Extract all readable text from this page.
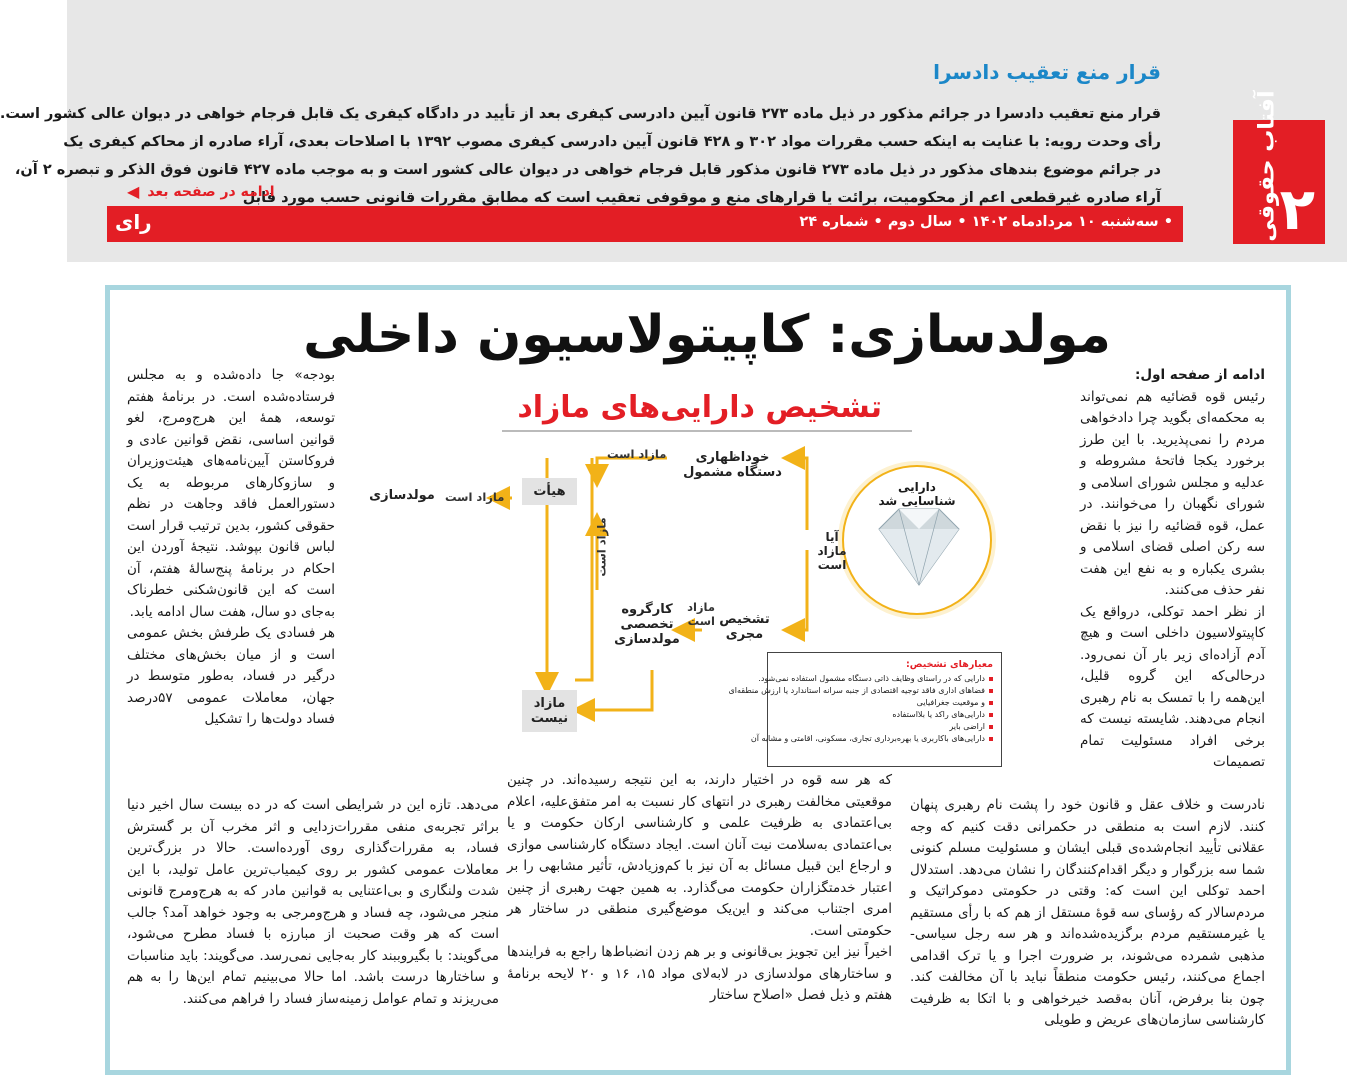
آفتاب حقوقی ۲
قرار منع تعقیب دادسرا

قرار منع تعقیب دادسرا در جرائم مذکور در ذیل ماده ۲۷۳ قانون آیین دادرسی کیفری بعد از تأیید در دادگاه کیفری یک قابل فرجام خواهی در دیوان عالی کشور است.

رأی وحدت رویه: با عنایت به اینکه حسب مقررات مواد ۳۰۲ و ۴۲۸ قانون آیین دادرسی کیفری مصوب ۱۳۹۲ با اصلاحات بعدی، آراء صادره از محاکم کیفری یک

در جرائم موضوع بندهای مذکور در ذیل ماده ۲۷۳ قانون مذکور قابل فرجام خواهی در دیوان عالی کشور است و به موجب ماده ۴۲۷ قانون فوق الذکر و تبصره ۲ آن،

آراء صادره غیرقطعی اعم از محکومیت، برائت یا قرارهای منع و موقوفی تعقیب است که مطابق مقررات قانونی حسب مورد قابل

ادامه در صفحه بعد
◀
• سه‌شنبه ۱۰ مردادماه ۱۴۰۲ • سال دوم • شماره ۲۴
رای
مولدسازی: کاپیتولاسیون داخلی

ادامه از صفحه اول:

رئیس قوه قضائیه هم نمی‌تواند به محکمه‌ای بگوید چرا دادخواهی مردم را نمی‌پذیرید. با این طرز برخورد یکجا فاتحهٔ مشروطه و عدلیه و مجلس شورای اسلامی و شورای نگهبان را می‌خوانند. در عمل، قوه قضائیه را نیز با نقض سه رکن اصلی قضای اسلامی و بشری یکباره و به نفع این هفت نفر حذف می‌کنند.

از نظر احمد توکلی، درواقع یک کاپیتولاسیون داخلی است و هیچ آدم آزاده‌ای زیر بار آن نمی‌رود. درحالی‌که این گروه قلیل، این‌همه را با تمسک به نام رهبری انجام می‌دهند. شایسته نیست که برخی افراد مسئولیت تمام تصمیمات

بودجه» جا داده‌شده و به مجلس فرستاده‌شده است. در برنامهٔ هفتم توسعه، همهٔ این هرج‌ومرج، لغو قوانین اساسی، نقض قوانین عادی و فروکاستن آیین‌نامه‌های هیئت‌وزیران و سازوکارهای مربوطه به یک دستورالعمل فاقد وجاهت در نظم حقوقی کشور، بدین ترتیب قرار است لباس قانون بپوشد. نتیجهٔ آوردن این احکام در برنامهٔ پنج‌سالهٔ هفتم، آن است که این قانون‌شکنی خطرناک به‌جای دو سال، هفت سال ادامه یابد.

هر فسادی یک طرفش بخش عمومی است و از میان بخش‌های مختلف درگیر در فساد، به‌طور متوسط در جهان، معاملات عمومی ۵۷درصد فساد دولت‌ها را تشکیل

نادرست و خلاف عقل و قانون خود را پشت نام رهبری پنهان کنند. لازم است به منطقی در حکمرانی دقت کنیم که وجه عقلانی تأیید انجام‌شده‌ی قبلی ایشان و مسئولیت مسلم کنونی شما سه بزرگوار و دیگر اقدام‌کنندگان را نشان می‌دهد. استدلال احمد توکلی این است که: وقتی در حکومتی دموکراتیک و مردم‌سالار که رؤسای سه قوهٔ مستقل از هم که با رأی مستقیم یا غیرمستقیم مردم برگزیده‌شده‌اند و هر سه رجل سیاسی-مذهبی شمرده می‌شوند، بر ضرورت اجرا و یا ترک اقدامی اجماع می‌کنند، رئیس حکومت منطقاً نباید با آن مخالفت کند. چون بنا برفرض، آنان به‌قصد خیرخواهی و با اتکا به ظرفیت کارشناسی سازمان‌های عریض و طویلی

که هر سه قوه در اختیار دارند، به این نتیجه رسیده‌اند. در چنین موقعیتی مخالفت رهبری در انتهای کار نسبت به امر متفق‌علیه، اعلام بی‌اعتمادی به ظرفیت علمی و کارشناسی ارکان حکومت و یا بی‌اعتمادی به‌سلامت نیت آنان است. ایجاد دستگاه کارشناسی موازی و ارجاع این قبیل مسائل به آن نیز با کم‌وزیادش، تأثیر مشابهی را بر اعتبار خدمتگزاران حکومت می‌گذارد. به همین جهت رهبری از چنین امری اجتناب می‌کند و این‌یک موضع‌گیری منطقی در ساختار هر حکومتی است.

اخیراً نیز این تجویز بی‌قانونی و بر هم زدن انضباط‌ها راجع به فرایندها و ساختارهای مولدسازی در لابه‌لای مواد ۱۵، ۱۶ و ۲۰ لایحه برنامهٔ هفتم و ذیل فصل «اصلاح ساختار

می‌دهد. تازه این در شرایطی است که در ده بیست سال اخیر دنیا براثر تجربه‌ی منفی مقررات‌زدایی و اثر مخرب آن بر گسترش فساد، به مقررات‌گذاری روی آورده‌است. حالا در بزرگ‌ترین معاملات عمومی کشور بر روی کیمیاب‌ترین عامل تولید، با این شدت ولنگاری و بی‌اعتنایی به قوانین مادر که به هرج‌ومرج قانونی منجر می‌شود، چه فساد و هرج‌ومرجی به وجود خواهد آمد؟ جالب است که هر وقت صحبت از مبارزه با فساد مطرح می‌شود، می‌گویند: با بگیروببند کار به‌جایی نمی‌رسد. می‌گویند: باید مناسبات و ساختارها درست باشد. اما حالا می‌بینیم تمام این‌ها را به هم می‌ریزند و تمام عوامل زمینه‌ساز فساد را فراهم می‌کنند.

تشخیص دارایی‌های مازاد
دارایی شناسایی شد
آیا مازاد است
خوداظهاری دستگاه مشمول
تشخیص مجری
کارگروه تخصصی مولدسازی
هیأت
مولدسازی
مازاد نیست
مازاد است
مازاد است
مازاد است
مازاد است
معیارهای تشخیص:
دارایی که در راستای وظایف ذاتی دستگاه مشمول استفاده نمی‌شود.
فضاهای اداری فاقد توجیه اقتصادی از جنبه سرانه استاندارد یا ارزش منطقه‌ای
و موقعیت جغرافیایی
دارایی‌های راکد یا بلااستفاده
اراضی بایر
دارایی‌های باکاربری یا بهره‌برداری تجاری، مسکونی، اقامتی و مشابه آن
